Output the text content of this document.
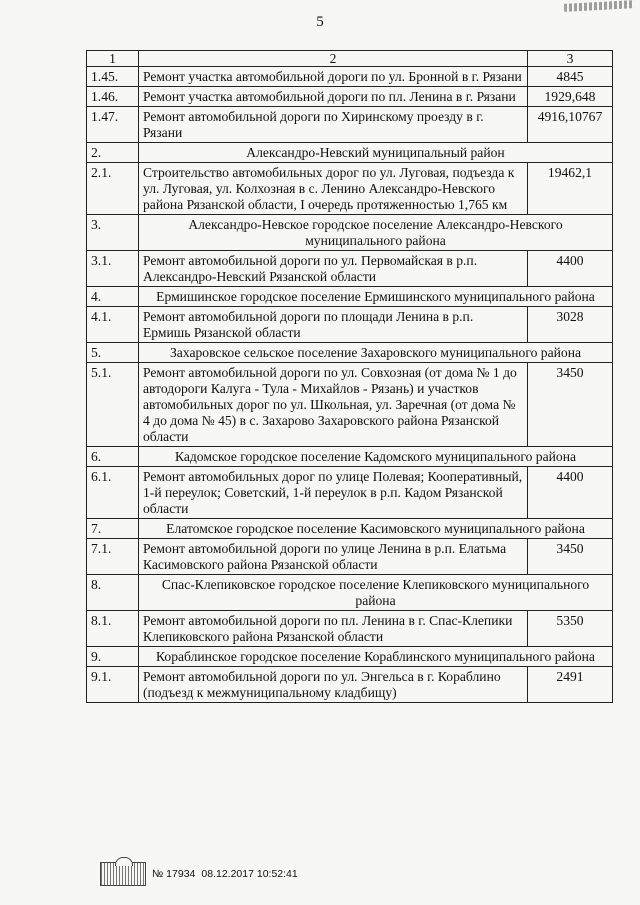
5
1	2	3
1.45.	Ремонт участка автомобильной дороги по ул. Бронной в г. Рязани	4845
1.46.	Ремонт участка автомобильной дороги по пл. Ленина в г. Рязани	1929,648
1.47.	Ремонт автомобильной дороги по Хиринскому проезду в г. Рязани	4916,10767
2.	Александро-Невский муниципальный район	
2.1.	Строительство автомобильных дорог по ул. Луговая, подъезда к ул. Луговая, ул. Колхозная в с. Ленино Александро-Невского района Рязанской области, I очередь протяженностью 1,765 км	19462,1
3.	Александро-Невское городское поселение Александро-Невского муниципального района	
3.1.	Ремонт автомобильной дороги по ул. Первомайская в р.п. Александро-Невский Рязанской области	4400
4.	Ермишинское городское поселение Ермишинского муниципального района	
4.1.	Ремонт автомобильной дороги по площади Ленина в р.п. Ермишь Рязанской области	3028
5.	Захаровское сельское поселение Захаровского муниципального района	
5.1.	Ремонт автомобильной дороги по ул. Совхозная (от дома № 1 до автодороги Калуга - Тула - Михайлов - Рязань) и участков автомобильных дорог по ул. Школьная, ул. Заречная (от дома № 4 до дома № 45) в с. Захарово Захаровского района Рязанской области	3450
6.	Кадомское городское поселение Кадомского муниципального района	
6.1.	Ремонт автомобильных дорог по улице Полевая; Кооперативный, 1-й переулок; Советский, 1-й переулок в р.п. Кадом Рязанской области	4400
7.	Елатомское городское поселение Касимовского муниципального района	
7.1.	Ремонт автомобильной дороги по улице Ленина в р.п. Елатьма Касимовского района Рязанской области	3450
8.	Спас-Клепиковское городское поселение Клепиковского муниципального района	
8.1.	Ремонт автомобильной дороги по пл. Ленина в г. Спас-Клепики Клепиковского района Рязанской области	5350
9.	Кораблинское городское поселение Кораблинского муниципального района	
9.1.	Ремонт автомобильной дороги по ул. Энгельса в г. Кораблино (подъезд к межмуниципальному кладбищу)	2491
№ 17934 08.12.2017 10:52:41
